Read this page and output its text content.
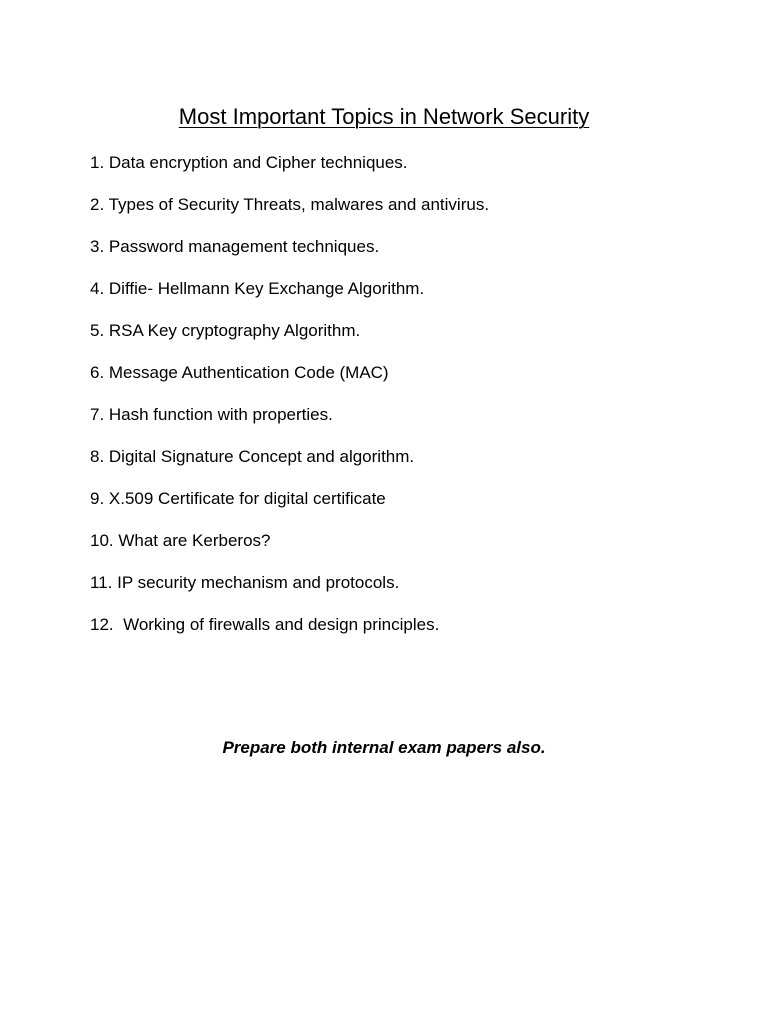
Most Important Topics in Network Security
1. Data encryption and Cipher techniques.
2. Types of Security Threats, malwares and antivirus.
3. Password management techniques.
4. Diffie- Hellmann Key Exchange Algorithm.
5. RSA Key cryptography Algorithm.
6. Message Authentication Code (MAC)
7. Hash function with properties.
8. Digital Signature Concept and algorithm.
9. X.509 Certificate for digital certificate
10. What are Kerberos?
11. IP security mechanism and protocols.
12.  Working of firewalls and design principles.

Prepare both internal exam papers also.
